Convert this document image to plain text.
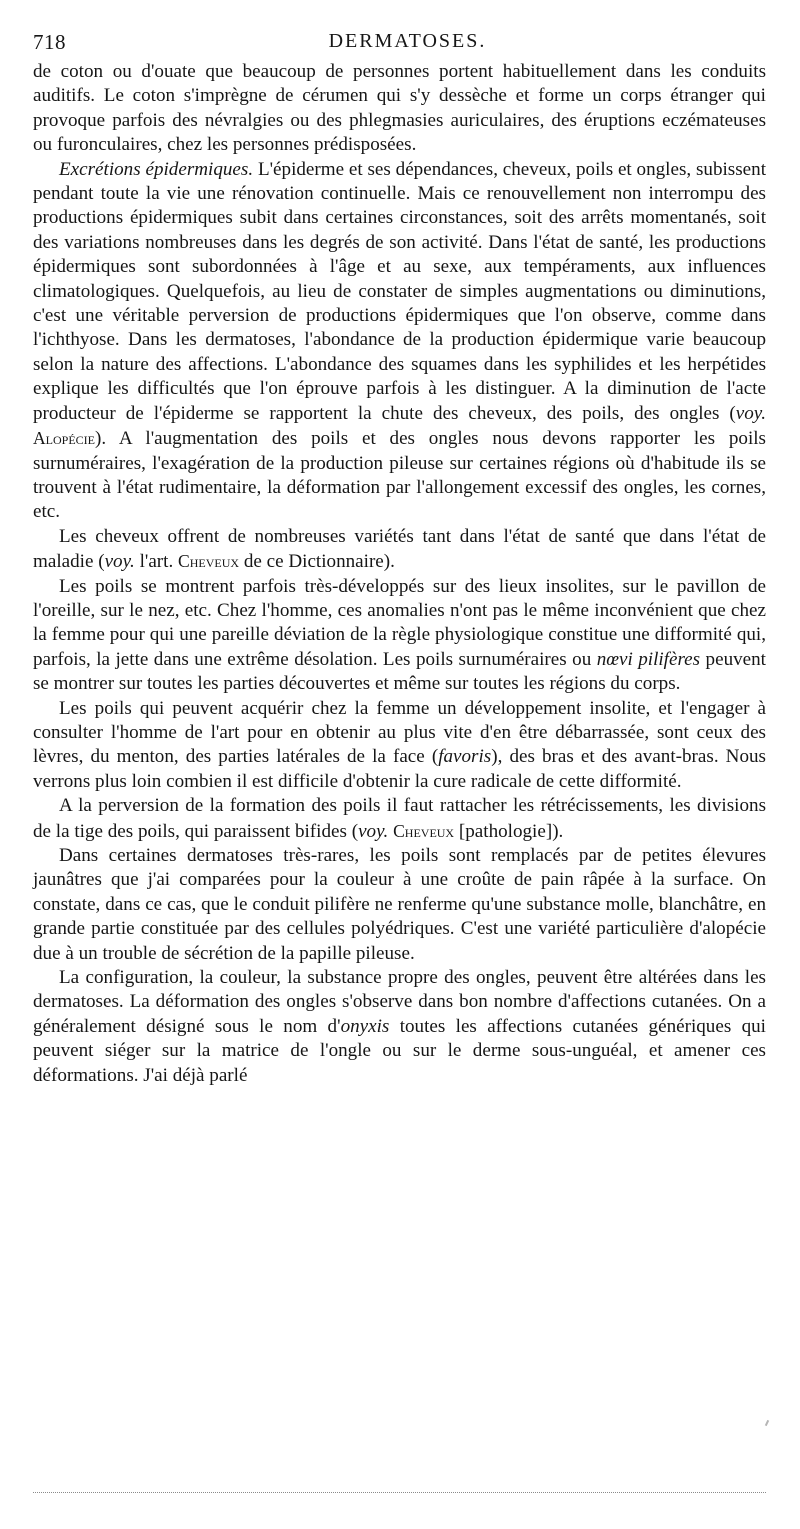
718	DERMATOSES.

de coton ou d'ouate que beaucoup de personnes portent habituellement dans les conduits auditifs. Le coton s'imprègne de cérumen qui s'y dessèche et forme un corps étranger qui provoque parfois des névralgies ou des phlegmasies auriculaires, des éruptions eczémateuses ou furonculaires, chez les personnes prédisposées.

Excrétions épidermiques. L'épiderme et ses dépendances, cheveux, poils et ongles, subissent pendant toute la vie une rénovation continuelle. Mais ce renouvellement non interrompu des productions épidermiques subit dans certaines circonstances, soit des arrêts momentanés, soit des variations nombreuses dans les degrés de son activité. Dans l'état de santé, les productions épidermiques sont subordonnées à l'âge et au sexe, aux tempéraments, aux influences climatologiques. Quelquefois, au lieu de constater de simples augmentations ou diminutions, c'est une véritable perversion de productions épidermiques que l'on observe, comme dans l'ichthyose. Dans les dermatoses, l'abondance de la production épidermique varie beaucoup selon la nature des affections. L'abondance des squames dans les syphilides et les herpétides explique les difficultés que l'on éprouve parfois à les distinguer. A la diminution de l'acte producteur de l'épiderme se rapportent la chute des cheveux, des poils, des ongles (voy. Alopécie). A l'augmentation des poils et des ongles nous devons rapporter les poils surnuméraires, l'exagération de la production pileuse sur certaines régions où d'habitude ils se trouvent à l'état rudimentaire, la déformation par l'allongement excessif des ongles, les cornes, etc.

Les cheveux offrent de nombreuses variétés tant dans l'état de santé que dans l'état de maladie (voy. l'art. Cheveux de ce Dictionnaire).

Les poils se montrent parfois très-développés sur des lieux insolites, sur le pavillon de l'oreille, sur le nez, etc. Chez l'homme, ces anomalies n'ont pas le même inconvénient que chez la femme pour qui une pareille déviation de la règle physiologique constitue une difformité qui, parfois, la jette dans une extrême désolation. Les poils surnuméraires ou nœvi pilifères peuvent se montrer sur toutes les parties découvertes et même sur toutes les régions du corps.

Les poils qui peuvent acquérir chez la femme un développement insolite, et l'engager à consulter l'homme de l'art pour en obtenir au plus vite d'en être débarrassée, sont ceux des lèvres, du menton, des parties latérales de la face (favoris), des bras et des avant-bras. Nous verrons plus loin combien il est difficile d'obtenir la cure radicale de cette difformité.

A la perversion de la formation des poils il faut rattacher les rétrécissements, les divisions de la tige des poils, qui paraissent bifides (voy. Cheveux [pathologie]).

Dans certaines dermatoses très-rares, les poils sont remplacés par de petites élevures jaunâtres que j'ai comparées pour la couleur à une croûte de pain râpée à la surface. On constate, dans ce cas, que le conduit pilifère ne renferme qu'une substance molle, blanchâtre, en grande partie constituée par des cellules polyédriques. C'est une variété particulière d'alopécie due à un trouble de sécrétion de la papille pileuse.

La configuration, la couleur, la substance propre des ongles, peuvent être altérées dans les dermatoses. La déformation des ongles s'observe dans bon nombre d'affections cutanées. On a généralement désigné sous le nom d'onyxis toutes les affections cutanées génériques qui peuvent siéger sur la matrice de l'ongle ou sur le derme sous-unguéal, et amener ces déformations. J'ai déjà parlé
